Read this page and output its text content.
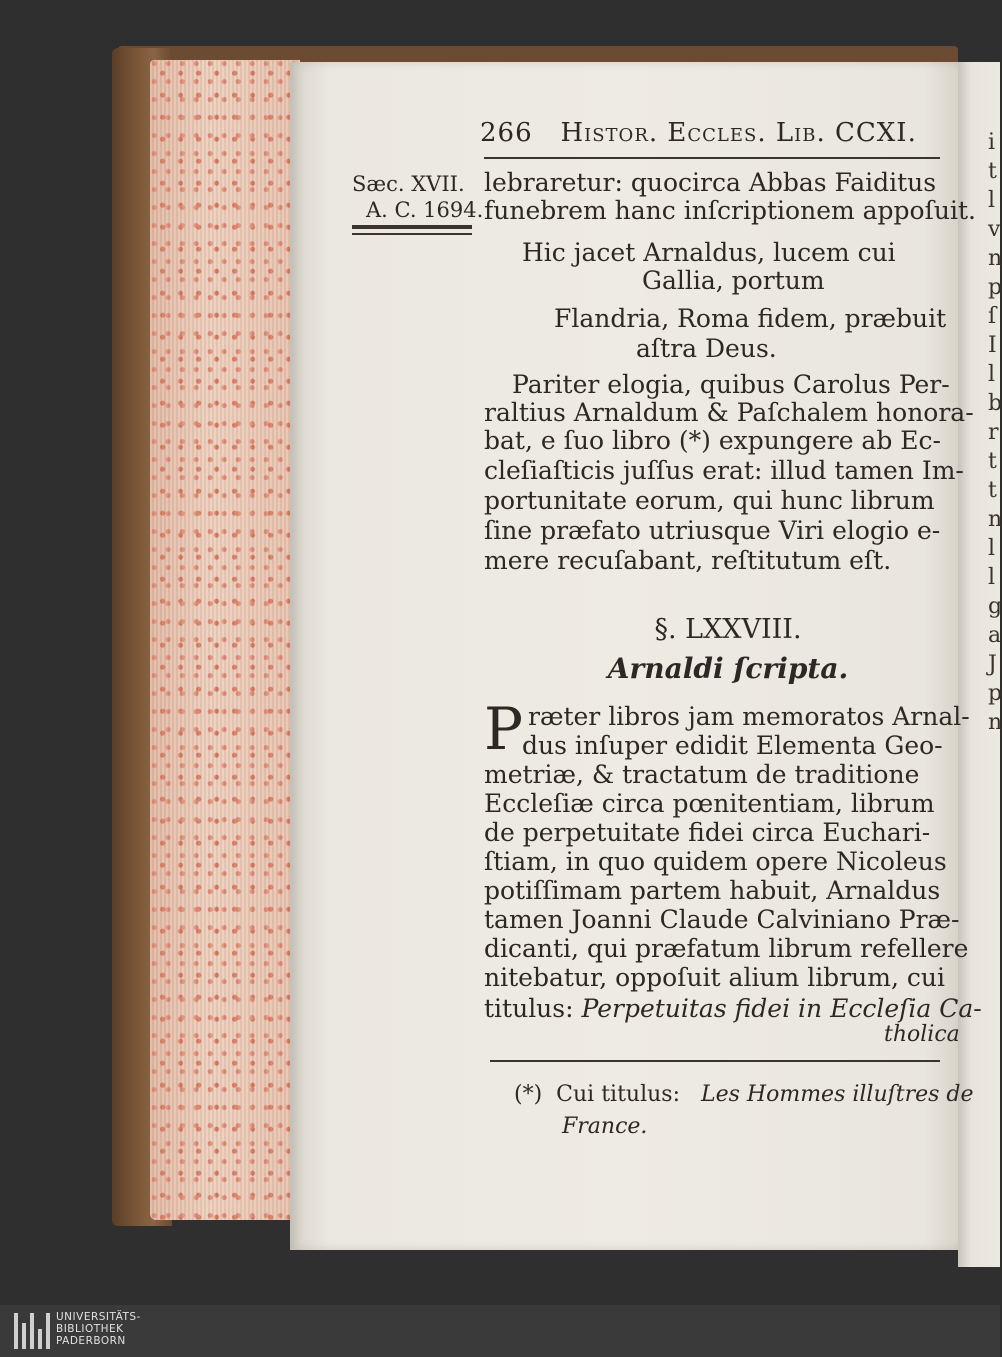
i
t
l
v
n
p
ſ
I
l
b
r
t
t
n
l
l
g
a
J
p
n
266 Histor. Eccles. Lib. CCXI.
Sæc. XVII.
A. C. 1694.
lebraretur: quocirca Abbas Faiditus
funebrem hanc inſcriptionem appoſuit.
Hic jacet Arnaldus, lucem cui
Gallia, portum
Flandria, Roma fidem, præbuit
aſtra Deus.
Pariter elogia, quibus Carolus Per-
raltius Arnaldum & Paſchalem honora-
bat, e ſuo libro (*) expungere ab Ec-
cleſiaſticis juſſus erat: illud tamen Im-
portunitate eorum, qui hunc librum
ſine præfato utriusque Viri elogio e-
mere recuſabant, reſtitutum eſt.
§. LXXVIII.
Arnaldi ſcripta.
P ræter libros jam memoratos Arnal-
dus inſuper edidit Elementa Geo-
metriæ, & tractatum de traditione
Eccleſiæ circa pœnitentiam, librum
de perpetuitate fidei circa Euchari-
ſtiam, in quo quidem opere Nicoleus
potiſſimam partem habuit, Arnaldus
tamen Joanni Claude Calviniano Præ-
dicanti, qui præfatum librum refellere
nitebatur, oppoſuit alium librum, cui
titulus: Perpetuitas fidei in Eccleſia Ca-
tholica
(*) Cui titulus: Les Hommes illuſtres de
France.
UNIVERSITÄTS-
BIBLIOTHEK
PADERBORN
